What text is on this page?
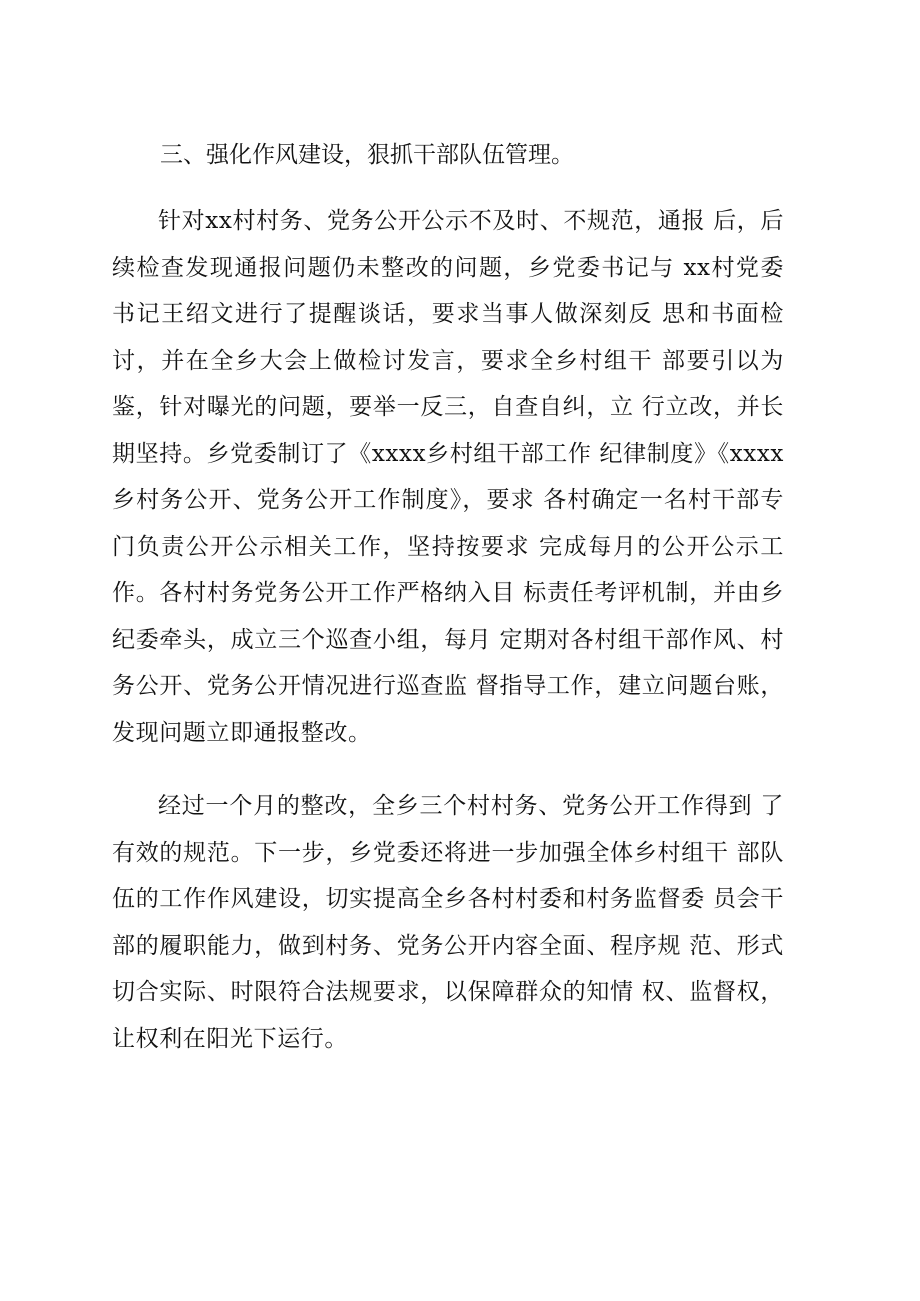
三、强化作风建设，狠抓干部队伍管理。

针对xx村村务、党务公开公示不及时、不规范，通报 后，后续检查发现通报问题仍未整改的问题，乡党委书记与 xx村党委书记王绍文进行了提醒谈话，要求当事人做深刻反 思和书面检讨，并在全乡大会上做检讨发言，要求全乡村组干 部要引以为鉴，针对曝光的问题，要举一反三，自查自纠，立 行立改，并长期坚持。乡党委制订了《xxxx乡村组干部工作 纪律制度》《xxxx乡村务公开、党务公开工作制度》，要求 各村确定一名村干部专门负责公开公示相关工作，坚持按要求 完成每月的公开公示工作。各村村务党务公开工作严格纳入目 标责任考评机制，并由乡纪委牵头，成立三个巡查小组，每月 定期对各村组干部作风、村务公开、党务公开情况进行巡查监 督指导工作，建立问题台账，发现问题立即通报整改。

经过一个月的整改，全乡三个村村务、党务公开工作得到 了有效的规范。下一步，乡党委还将进一步加强全体乡村组干 部队伍的工作作风建设，切实提高全乡各村村委和村务监督委 员会干部的履职能力，做到村务、党务公开内容全面、程序规 范、形式切合实际、时限符合法规要求，以保障群众的知情 权、监督权，让权利在阳光下运行。
